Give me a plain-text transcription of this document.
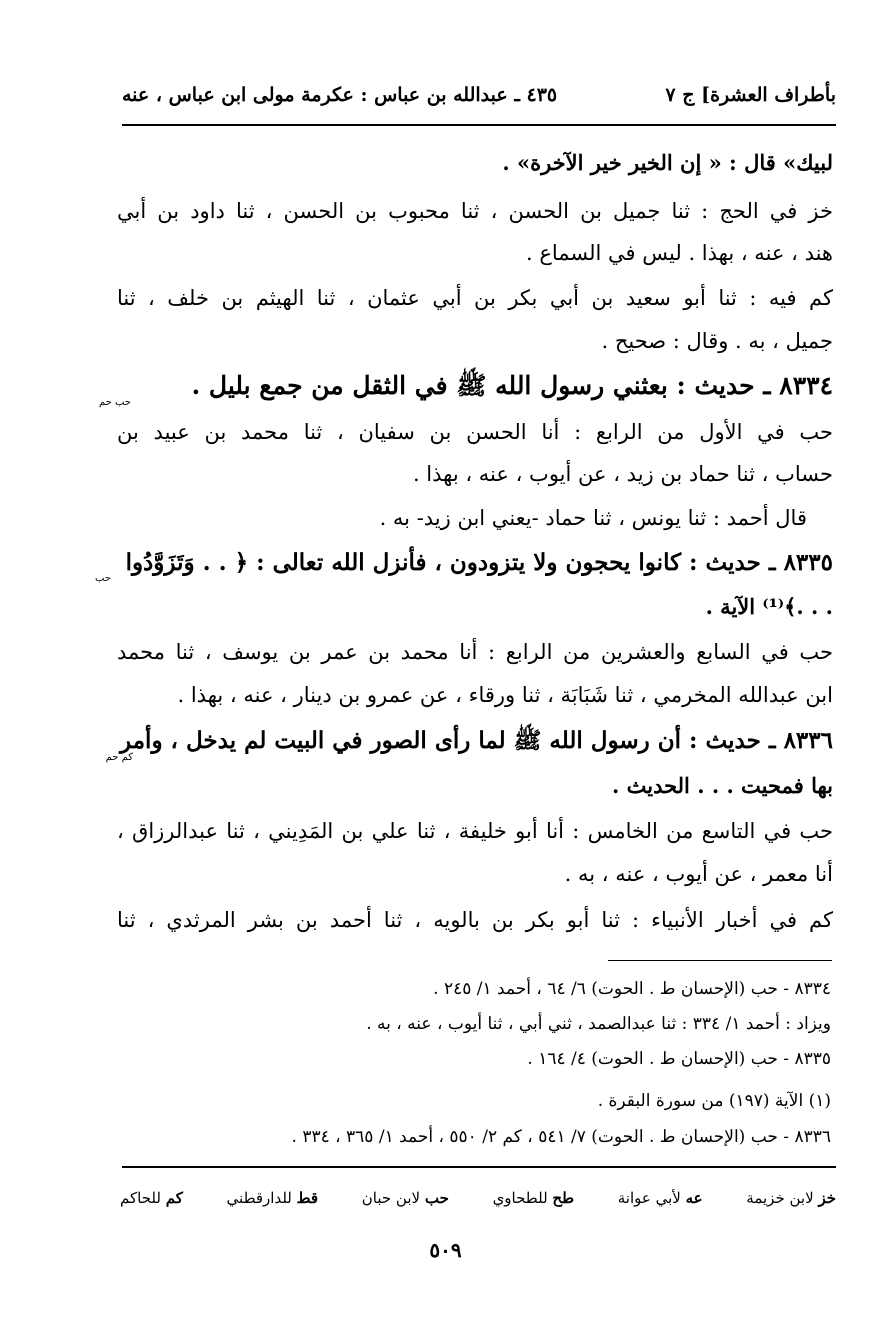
بأطراف العشرة] ج ٧
٤٣٥ ـ عبدالله بن عباس : عكرمة مولى ابن عباس ، عنه
لبيك» قال : « إن الخير خير الآخرة» .
خز في الحج : ثنا جميل بن الحسن ، ثنا محبوب بن الحسن ، ثنا داود بن أبي
هند ، عنه ، بهذا . ليس في السماع .
كم فيه : ثنا أبو سعيد بن أبي بكر بن أبي عثمان ، ثنا الهيثم بن خلف ، ثنا
جميل ، به . وقال : صحيح .
٨٣٣٤ ـ حديث : بعثني رسول الله ﷺ في الثقل من جمع بليل .
حب حم
حب في الأول من الرابع : أنا الحسن بن سفيان ، ثنا محمد بن عبيد بن
حساب ، ثنا حماد بن زيد ، عن أيوب ، عنه ، بهذا .
قال أحمد : ثنا يونس ، ثنا حماد -يعني ابن زيد- به .
٨٣٣٥ ـ حديث : كانوا يحجون ولا يتزودون ، فأنزل الله تعالى : ﴿ . . وَتَزَوَّدُوا
حب
. . .﴾⁽¹⁾ الآية .
حب في السابع والعشرين من الرابع : أنا محمد بن عمر بن يوسف ، ثنا محمد
ابن عبدالله المخرمي ، ثنا شَبَابَة ، ثنا ورقاء ، عن عمرو بن دينار ، عنه ، بهذا .
٨٣٣٦ ـ حديث : أن رسول الله ﷺ لما رأى الصور في البيت لم يدخل ، وأمر
كم حم
بها فمحيت . . . الحديث .
حب في التاسع من الخامس : أنا أبو خليفة ، ثنا علي بن المَدِيني ، ثنا عبدالرزاق ،
أنا معمر ، عن أيوب ، عنه ، به .
كم في أخبار الأنبياء : ثنا أبو بكر بن بالويه ، ثنا أحمد بن بشر المرثدي ، ثنا
٨٣٣٤ - حب (الإحسان ط . الحوت) ٦/ ٦٤ ، أحمد ١/ ٢٤٥ .
ويزاد : أحمد ١/ ٣٣٤ : ثنا عبدالصمد ، ثني أبي ، ثنا أيوب ، عنه ، به .
٨٣٣٥ - حب (الإحسان ط . الحوت) ٤/ ١٦٤ .
(١) الآية (١٩٧) من سورة البقرة .
٨٣٣٦ - حب (الإحسان ط . الحوت) ٧/ ٥٤١ ، كم ٢/ ٥٥٠ ، أحمد ١/ ٣٦٥ ، ٣٣٤ .
خز لابن خزيمة
عه لأبي عوانة
طح للطحاوي
حب لابن حبان
قط للدارقطني
كم للحاكم
٥٠٩
